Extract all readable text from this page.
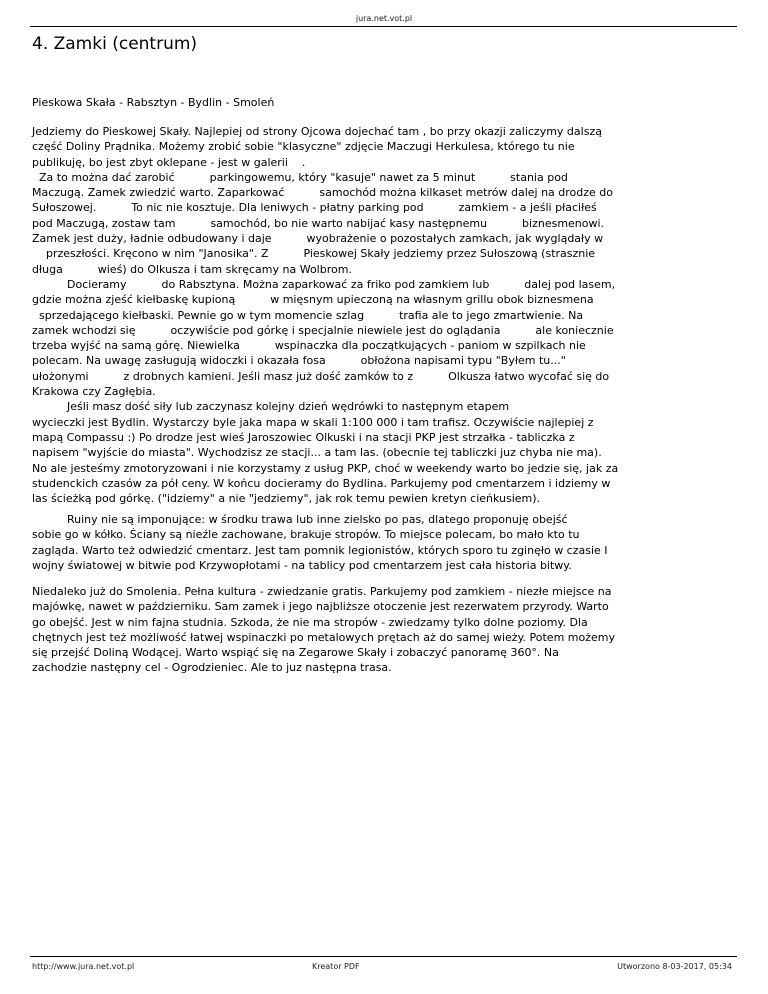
jura.net.vot.pl
4. Zamki (centrum)

Pieskowa Skała - Rabsztyn - Bydlin - Smoleń

Jedziemy do Pieskowej Skały. Najlepiej od strony Ojcowa dojechać tam , bo przy okazji zaliczymy dalszą
część Doliny Prądnika. Możemy zrobić sobie "klasyczne" zdjęcie Maczugi Herkulesa, którego tu nie
publikuję, bo jest zbyt oklepane - jest w galerii    .
Za to można dać zarobić          parkingowemu, który "kasuje" nawet za 5 minut          stania pod
Maczugą. Zamek zwiedzić warto. Zaparkować          samochód można kilkaset metrów dalej na drodze do
Sułoszowej.          To nic nie kosztuje. Dla leniwych - płatny parking pod          zamkiem - a jeśli płaciłeś
pod Maczugą, zostaw tam          samochód, bo nie warto nabijać kasy następnemu          biznesmenowi.
Zamek jest duży, ładnie odbudowany i daje          wyobrażenie o pozostałych zamkach, jak wyglądały w
przeszłości. Kręcono w nim "Janosika". Z          Pieskowej Skały jedziemy przez Sułoszową (strasznie
długa          wieś) do Olkusza i tam skręcamy na Wolbrom.
Docieramy          do Rabsztyna. Można zaparkować za friko pod zamkiem lub          dalej pod lasem,
gdzie można zjeść kiełbaskę kupioną          w mięsnym upieczoną na własnym grillu obok biznesmena
sprzedającego kiełbaski. Pewnie go w tym momencie szlag          trafia ale to jego zmartwienie. Na
zamek wchodzi się          oczywiście pod górkę i specjalnie niewiele jest do oglądania          ale koniecznie
trzeba wyjść na samą górę. Niewielka          wspinaczka dla początkujących - paniom w szpilkach nie
polecam. Na uwagę zasługują widoczki i okazała fosa          obłożona napisami typu "Byłem tu..."
ułożonymi          z drobnych kamieni. Jeśli masz już dość zamków to z          Olkusza łatwo wycofać się do
Krakowa czy Zagłębia.
Jeśli masz dość siły lub zaczynasz kolejny dzień wędrówki to następnym etapem
wycieczki jest Bydlin. Wystarczy byle jaka mapa w skali 1:100 000 i tam trafisz. Oczywiście najlepiej z
mapą Compassu :) Po drodze jest wieś Jaroszowiec Olkuski i na stacji PKP jest strzałka - tabliczka z
napisem "wyjście do miasta". Wychodzisz ze stacji... a tam las. (obecnie tej tabliczki juz chyba nie ma).
No ale jesteśmy zmotoryzowani i nie korzystamy z usług PKP, choć w weekendy warto bo jedzie się, jak za
studenckich czasów za pół ceny. W końcu docieramy do Bydlina. Parkujemy pod cmentarzem i idziemy w
las ścieżką pod górkę. ("idziemy" a nie "jedziemy", jak rok temu pewien kretyn cieńkusiem).

Ruiny nie są imponujące: w środku trawa lub inne zielsko po pas, dlatego proponuję obejść
sobie go w kółko. Ściany są nieźle zachowane, brakuje stropów. To miejsce polecam, bo mało kto tu
zagląda. Warto też odwiedzić cmentarz. Jest tam pomnik legionistów, których sporo tu zginęło w czasie I
wojny światowej w bitwie pod Krzywopłotami - na tablicy pod cmentarzem jest cała historia bitwy.

Niedaleko już do Smolenia. Pełna kultura - zwiedzanie gratis. Parkujemy pod zamkiem - niezłe miejsce na
majówkę, nawet w październiku. Sam zamek i jego najbliższe otoczenie jest rezerwatem przyrody. Warto
go obejść. Jest w nim fajna studnia. Szkoda, że nie ma stropów - zwiedzamy tylko dolne poziomy. Dla
chętnych jest też możliwość łatwej wspinaczki po metalowych prętach aż do samej wieży. Potem możemy
się przejść Doliną Wodącej. Warto wspiąć się na Zegarowe Skały i zobaczyć panoramę 360°. Na
zachodzie następny cel - Ogrodzieniec. Ale to juz następna trasa.

http://www.jura.net.vot.pl	Kreator PDF	Utworzono 8-03-2017, 05:34
